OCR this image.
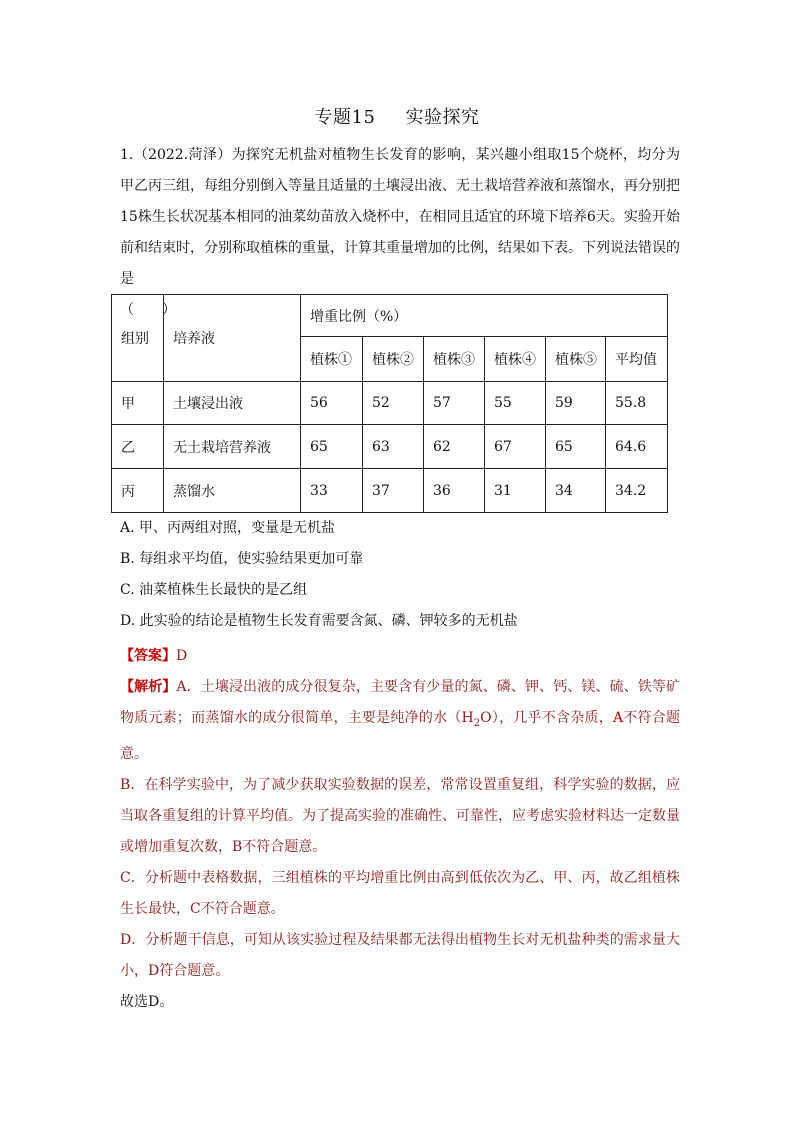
专题15 实验探究

1.（2022.菏泽）为探究无机盐对植物生长发育的影响，某兴趣小组取15个烧杯，均分为甲乙丙三组，每组分别倒入等量且适量的土壤浸出液、无土栽培营养液和蒸馏水，再分别把15株生长状况基本相同的油菜幼苗放入烧杯中，在相同且适宜的环境下培养6天。实验开始前和结束时，分别称取植株的重量，计算其重量增加的比例，结果如下表。下列说法错误的是
（　　）

组别	培养液	增重比例（%）					
		植株①	植株②	植株③	植株④	植株⑤	平均值
甲	土壤浸出液	56	52	57	55	59	55.8
乙	无土栽培营养液	65	63	62	67	65	64.6
丙	蒸馏水	33	37	36	31	34	34.2
A. 甲、丙两组对照，变量是无机盐
B. 每组求平均值，使实验结果更加可靠
C. 油菜植株生长最快的是乙组
D. 此实验的结论是植物生长发育需要含氮、磷、钾较多的无机盐

【答案】D

【解析】A．土壤浸出液的成分很复杂，主要含有少量的氮、磷、钾、钙、镁、硫、铁等矿物质元素；而蒸馏水的成分很简单，主要是纯净的水$(H_2O)$，几乎不含杂质，A不符合题意。

B．在科学实验中，为了减少获取实验数据的误差，常常设置重复组，科学实验的数据，应当取各重复组的计算平均值。为了提高实验的准确性、可靠性，应考虑实验材料达一定数量或增加重复次数，B不符合题意。

C．分析题中表格数据，三组植株的平均增重比例由高到低依次为乙、甲、丙，故乙组植株生长最快，C不符合题意。

D．分析题干信息，可知从该实验过程及结果都无法得出植物生长对无机盐种类的需求量大小，D符合题意。

故选D。
